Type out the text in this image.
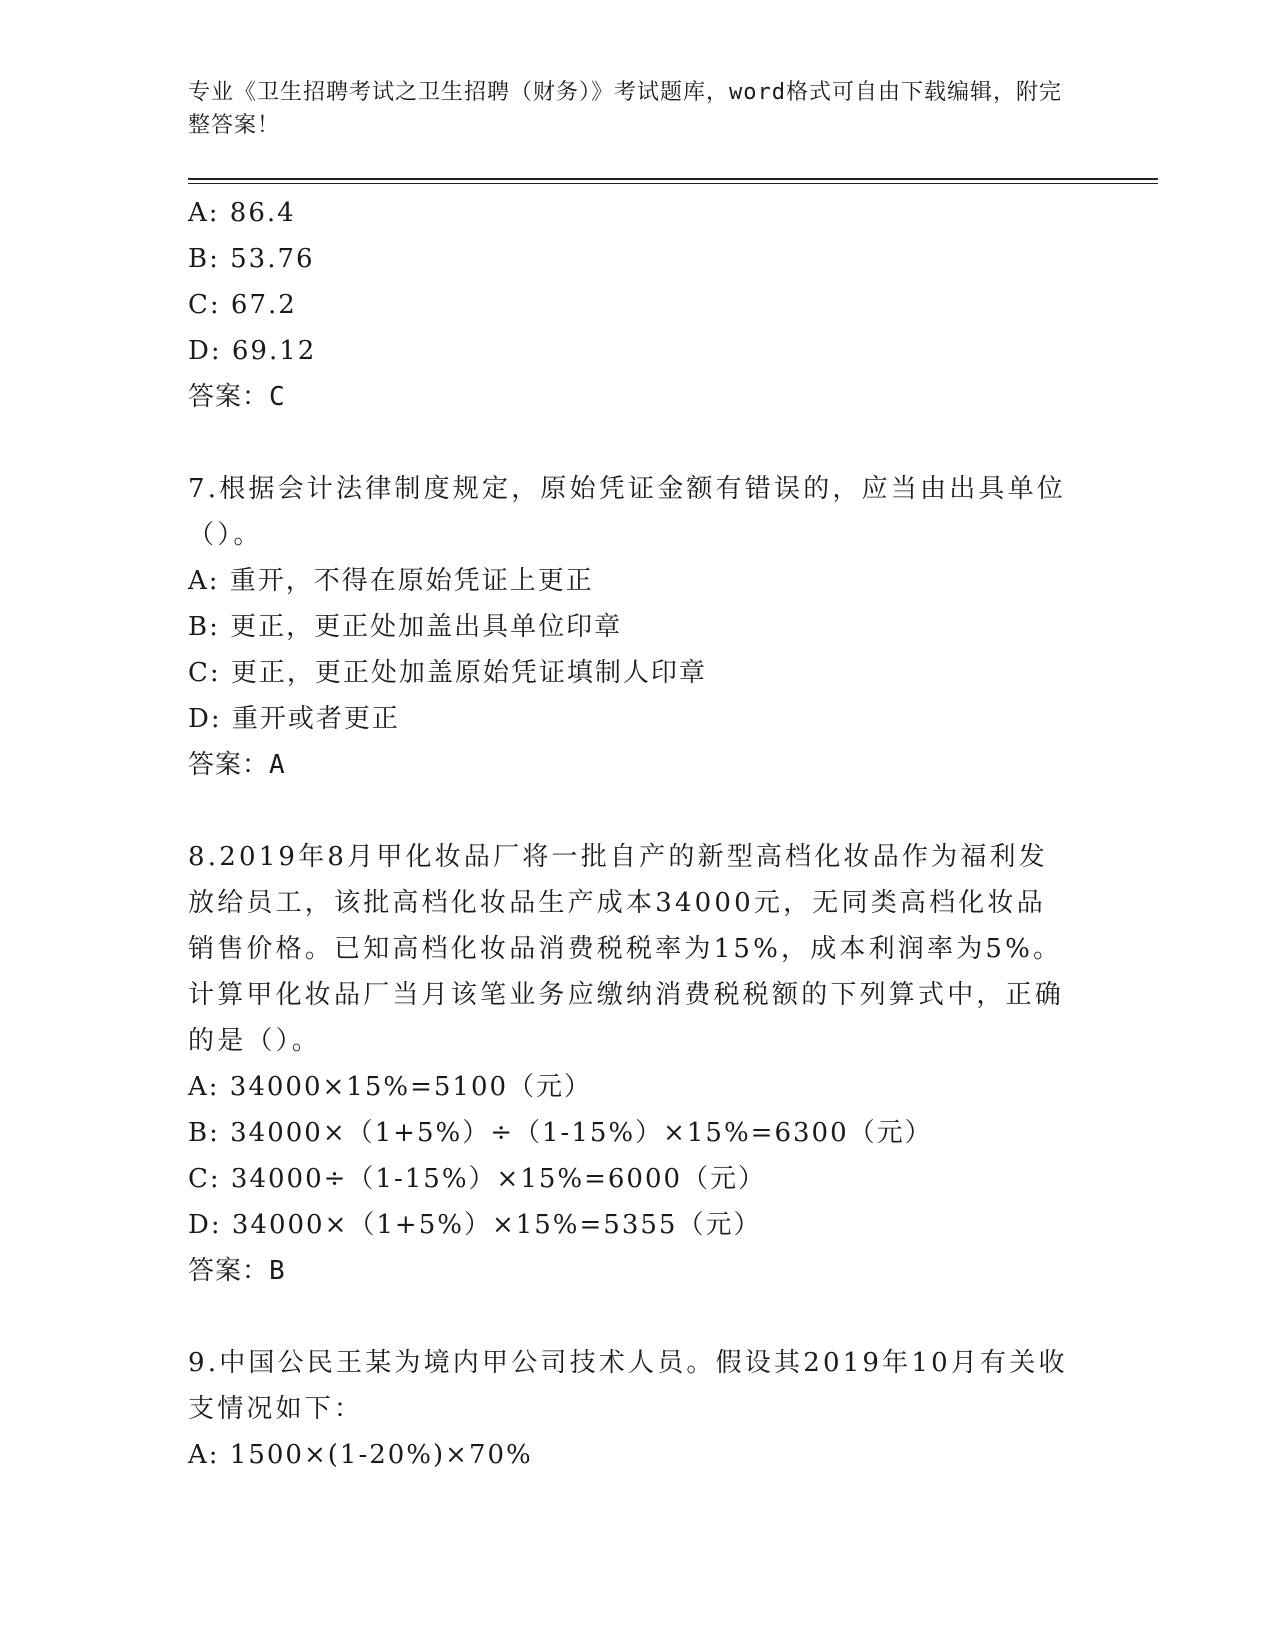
专业《卫生招聘考试之卫生招聘（财务）》考试题库，word格式可自由下载编辑，附完整答案！
A: 86.4
B: 53.76
C: 67.2
D: 69.12
答案：C
7.根据会计法律制度规定，原始凭证金额有错误的，应当由出具单位（）。
A: 重开，不得在原始凭证上更正
B: 更正，更正处加盖出具单位印章
C: 更正，更正处加盖原始凭证填制人印章
D: 重开或者更正
答案：A
8.2019年8月甲化妆品厂将一批自产的新型高档化妆品作为福利发放给员工，该批高档化妆品生产成本34000元，无同类高档化妆品销售价格。已知高档化妆品消费税税率为15%，成本利润率为5%。计算甲化妆品厂当月该笔业务应缴纳消费税税额的下列算式中，正确的是（）。
A: 34000×15%=5100（元）
B: 34000×（1+5%）÷（1-15%）×15%=6300（元）
C: 34000÷（1-15%）×15%=6000（元）
D: 34000×（1+5%）×15%=5355（元）
答案：B
9.中国公民王某为境内甲公司技术人员。假设其2019年10月有关收支情况如下：
A: 1500×(1-20%)×70%
